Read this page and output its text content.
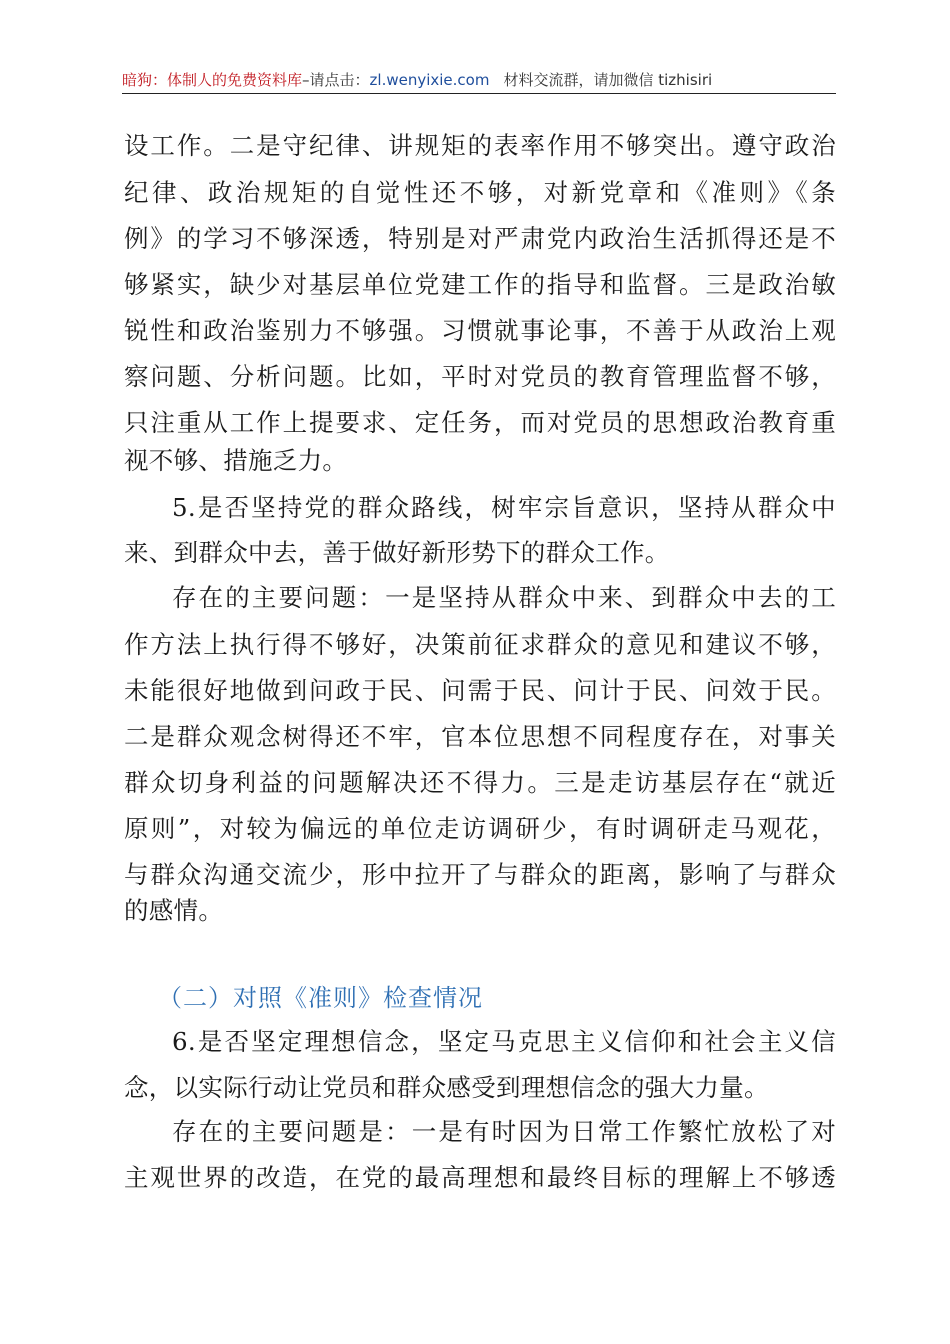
暗狗：体制人的免费资料库–请点击：zl.wenyixie.com 材料交流群，请加微信 tizhisiri
设工作。二是守纪律、讲规矩的表率作用不够突出。遵守政治
纪律、政治规矩的自觉性还不够，对新党章和《准则》《条
例》的学习不够深透，特别是对严肃党内政治生活抓得还是不
够紧实，缺少对基层单位党建工作的指导和监督。三是政治敏
锐性和政治鉴别力不够强。习惯就事论事，不善于从政治上观
察问题、分析问题。比如，平时对党员的教育管理监督不够，
只注重从工作上提要求、定任务，而对党员的思想政治教育重
视不够、措施乏力。
5.是否坚持党的群众路线，树牢宗旨意识，坚持从群众中
来、到群众中去，善于做好新形势下的群众工作。
存在的主要问题：一是坚持从群众中来、到群众中去的工
作方法上执行得不够好，决策前征求群众的意见和建议不够，
未能很好地做到问政于民、问需于民、问计于民、问效于民。
二是群众观念树得还不牢，官本位思想不同程度存在，对事关
群众切身利益的问题解决还不得力。三是走访基层存在“就近
原则”，对较为偏远的单位走访调研少，有时调研走马观花，
与群众沟通交流少，形中拉开了与群众的距离，影响了与群众
的感情。
（二）对照《准则》检查情况
6.是否坚定理想信念，坚定马克思主义信仰和社会主义信
念，以实际行动让党员和群众感受到理想信念的强大力量。
存在的主要问题是：一是有时因为日常工作繁忙放松了对
主观世界的改造，在党的最高理想和最终目标的理解上不够透
